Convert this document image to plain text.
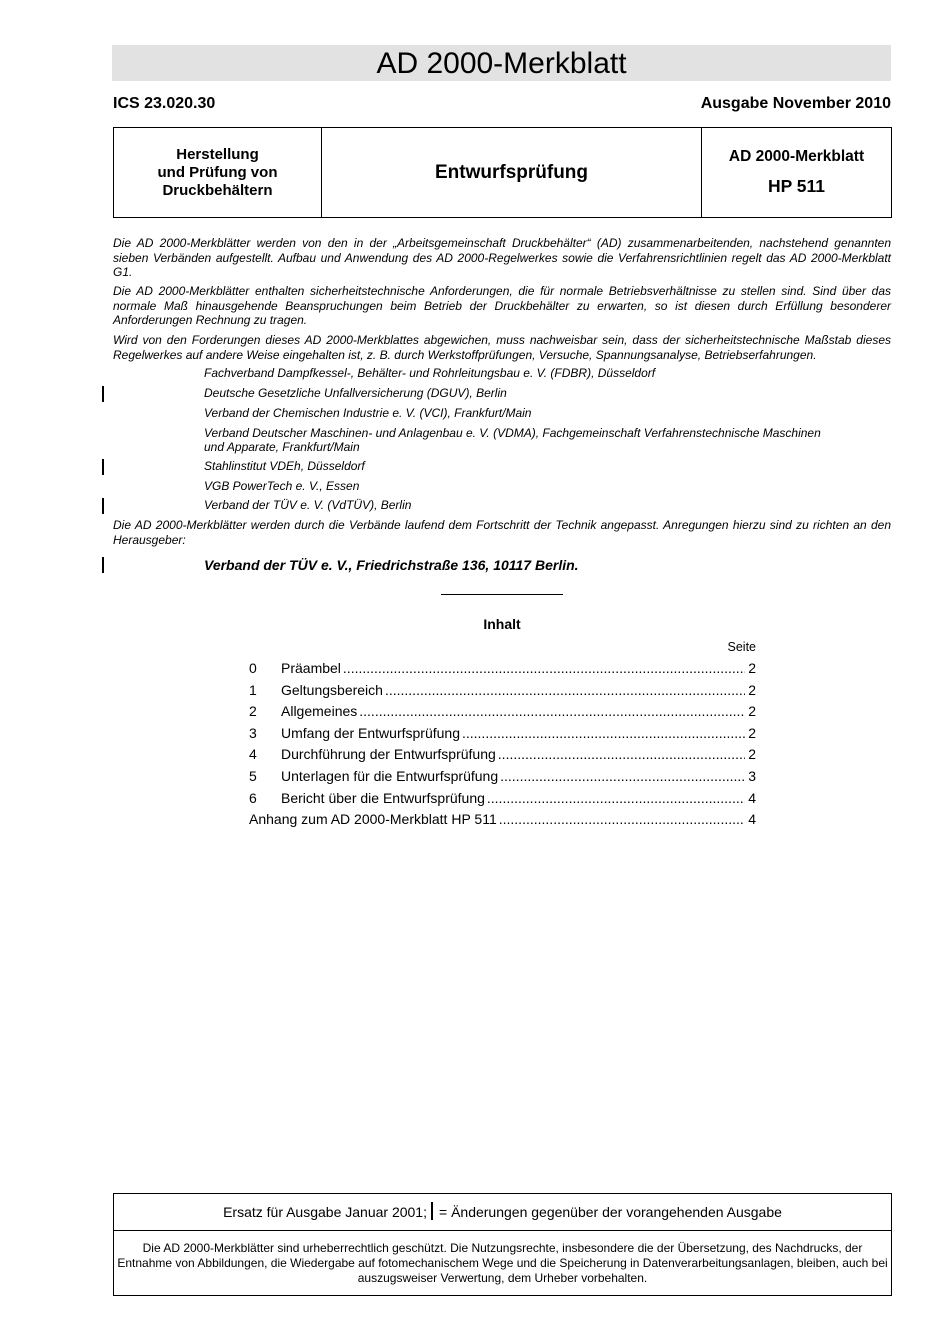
AD 2000-Merkblatt
ICS 23.020.30	Ausgabe November 2010
Herstellung
und Prüfung von
Druckbehältern
Entwurfsprüfung
AD 2000-Merkblatt
HP 511
Die AD 2000-Merkblätter werden von den in der „Arbeitsgemeinschaft Druckbehälter“ (AD) zusammenarbeitenden, nachstehend genannten sieben Verbänden aufgestellt. Aufbau und Anwendung des AD 2000-Regelwerkes sowie die Verfahrensrichtlinien regelt das AD 2000-Merkblatt G1.
Die AD 2000-Merkblätter enthalten sicherheitstechnische Anforderungen, die für normale Betriebsverhältnisse zu stellen sind. Sind über das normale Maß hinausgehende Beanspruchungen beim Betrieb der Druckbehälter zu erwarten, so ist diesen durch Erfüllung besonderer Anforderungen Rechnung zu tragen.
Wird von den Forderungen dieses AD 2000-Merkblattes abgewichen, muss nachweisbar sein, dass der sicherheitstechnische Maßstab dieses Regelwerkes auf andere Weise eingehalten ist, z. B. durch Werkstoffprüfungen, Versuche, Spannungsanalyse, Betriebserfahrungen.
Fachverband Dampfkessel-, Behälter- und Rohrleitungsbau e. V. (FDBR), Düsseldorf
Deutsche Gesetzliche Unfallversicherung (DGUV), Berlin
Verband der Chemischen Industrie e. V. (VCI), Frankfurt/Main
Verband Deutscher Maschinen- und Anlagenbau e. V. (VDMA), Fachgemeinschaft Verfahrenstechnische Maschinen
und Apparate, Frankfurt/Main
Stahlinstitut VDEh, Düsseldorf
VGB PowerTech e. V., Essen
Verband der TÜV e. V. (VdTÜV), Berlin
Die AD 2000-Merkblätter werden durch die Verbände laufend dem Fortschritt der Technik angepasst. Anregungen hierzu sind zu richten an den Herausgeber:
Verband der TÜV e. V., Friedrichstraße 136, 10117 Berlin.
Inhalt
Seite
0	Präambel .....	2
1	Geltungsbereich .....	2
2	Allgemeines .....	2
3	Umfang der Entwurfsprüfung .....	2
4	Durchführung der Entwurfsprüfung .....	2
5	Unterlagen für die Entwurfsprüfung .....	3
6	Bericht über die Entwurfsprüfung .....	4
Anhang zum AD 2000-Merkblatt HP 511 .....	4
Ersatz für Ausgabe Januar 2001; = Änderungen gegenüber der vorangehenden Ausgabe
Die AD 2000-Merkblätter sind urheberrechtlich geschützt. Die Nutzungsrechte, insbesondere die der Übersetzung, des Nachdrucks, der Entnahme von Abbildungen, die Wiedergabe auf fotomechanischem Wege und die Speicherung in Datenverarbeitungsanlagen, bleiben, auch bei auszugsweiser Verwertung, dem Urheber vorbehalten.
